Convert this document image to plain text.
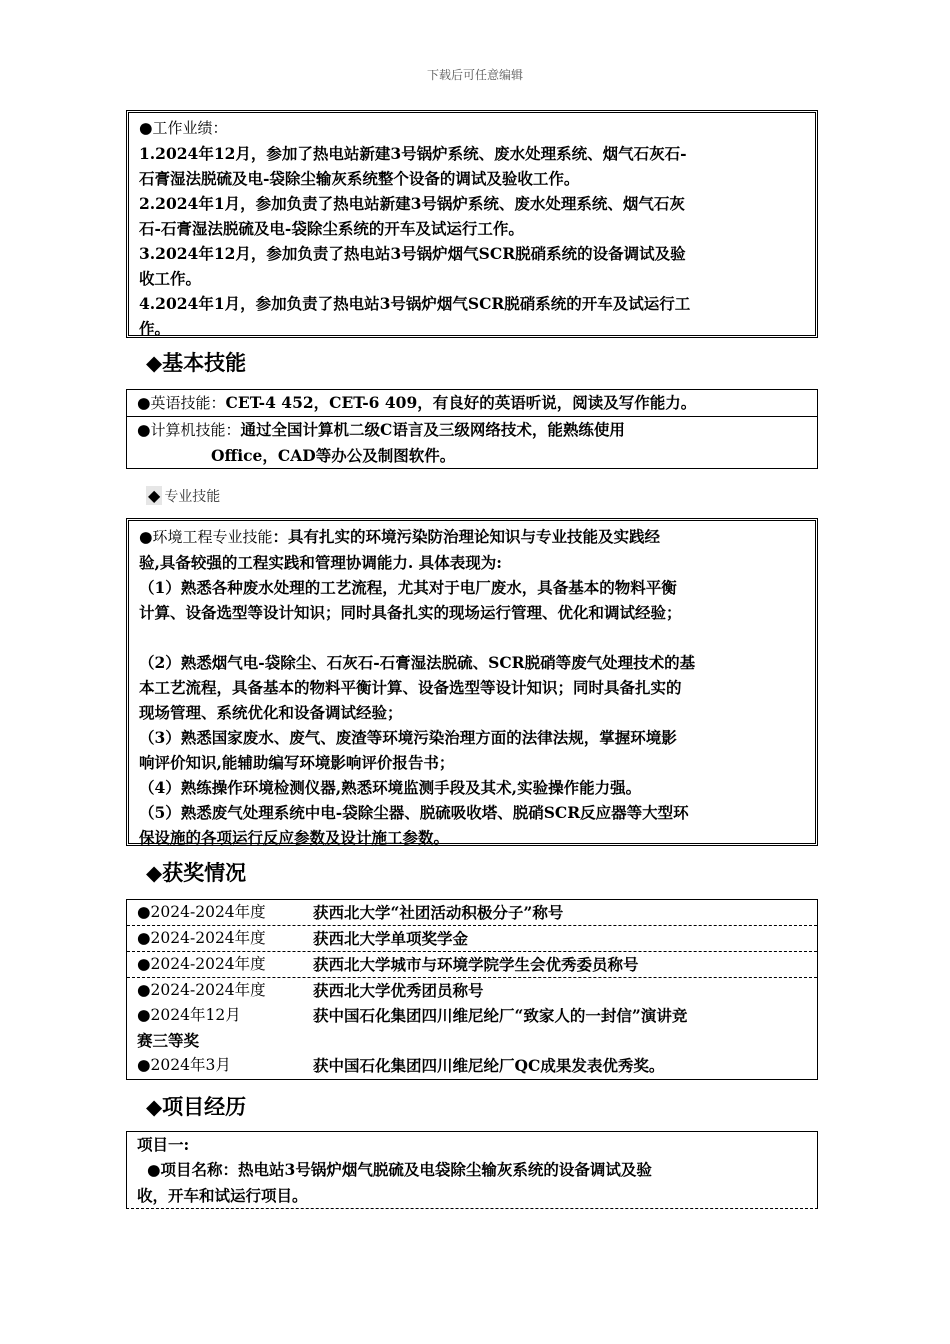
下载后可任意编辑
●工作业绩：
1.2024年12月，参加了热电站新建3号锅炉系统、废水处理系统、烟气石灰石-
石膏湿法脱硫及电-袋除尘输灰系统整个设备的调试及验收工作。
2.2024年1月，参加负责了热电站新建3号锅炉系统、废水处理系统、烟气石灰
石-石膏湿法脱硫及电-袋除尘系统的开车及试运行工作。
3.2024年12月，参加负责了热电站3号锅炉烟气SCR脱硝系统的设备调试及验
收工作。
4.2024年1月，参加负责了热电站3号锅炉烟气SCR脱硝系统的开车及试运行工
作。
◆基本技能
●英语技能：CET-4 452，CET-6 409，有良好的英语听说，阅读及写作能力。
●计算机技能：通过全国计算机二级C语言及三级网络技术，能熟练使用
Office，CAD等办公及制图软件。
◆ 专业技能
●环境工程专业技能：具有扎实的环境污染防治理论知识与专业技能及实践经
验,具备较强的工程实践和管理协调能力. 具体表现为:
（1）熟悉各种废水处理的工艺流程，尤其对于电厂废水，具备基本的物料平衡
计算、设备选型等设计知识；同时具备扎实的现场运行管理、优化和调试经验；
（2）熟悉烟气电-袋除尘、石灰石-石膏湿法脱硫、SCR脱硝等废气处理技术的基
本工艺流程，具备基本的物料平衡计算、设备选型等设计知识；同时具备扎实的
现场管理、系统优化和设备调试经验；
（3）熟悉国家废水、废气、废渣等环境污染治理方面的法律法规，掌握环境影
响评价知识,能辅助编写环境影响评价报告书；
（4）熟练操作环境检测仪器,熟悉环境监测手段及其术,实验操作能力强。
（5）熟悉废气处理系统中电-袋除尘器、脱硫吸收塔、脱硝SCR反应器等大型环
保设施的各项运行反应参数及设计施工参数。
◆获奖情况
●2024-2024年度	获西北大学“社团活动积极分子”称号
●2024-2024年度	获西北大学单项奖学金
●2024-2024年度	获西北大学城市与环境学院学生会优秀委员称号
●2024-2024年度	获西北大学优秀团员称号
●2024年12月	获中国石化集团四川维尼纶厂“致家人的一封信”演讲竞
赛三等奖
●2024年3月	获中国石化集团四川维尼纶厂QC成果发表优秀奖。
◆项目经历
项目一:
●项目名称：热电站3号锅炉烟气脱硫及电袋除尘输灰系统的设备调试及验
收，开车和试运行项目。
